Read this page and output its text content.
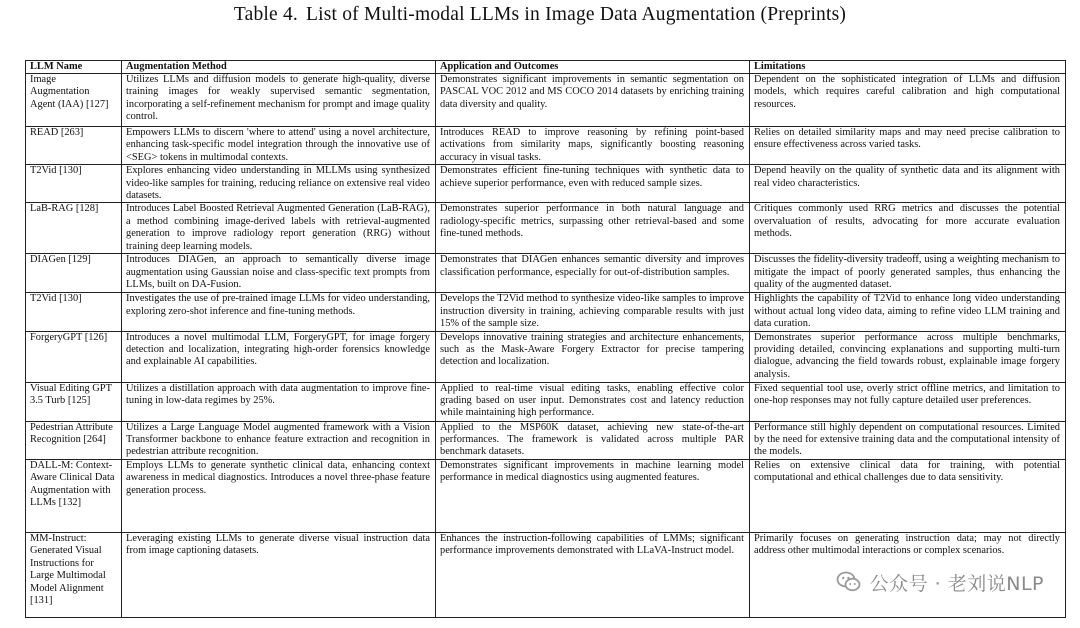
Table 4. List of Multi-modal LLMs in Image Data Augmentation (Preprints)
LLM Name	Augmentation Method	Application and Outcomes	Limitations
Image Augmentation Agent (IAA) [127]	Utilizes LLMs and diffusion models to generate high-quality, diverse training images for weakly supervised semantic segmentation, incorporating a self-refinement mechanism for prompt and image quality control.	Demonstrates significant improvements in semantic segmentation on PASCAL VOC 2012 and MS COCO 2014 datasets by enriching training data diversity and quality.	Dependent on the sophisticated integration of LLMs and diffusion models, which requires careful calibration and high computational resources.
READ [263]	Empowers LLMs to discern 'where to attend' using a novel architecture, enhancing task-specific model integration through the innovative use of <SEG> tokens in multimodal contexts.	Introduces READ to improve reasoning by refining point-based activations from similarity maps, significantly boosting reasoning accuracy in visual tasks.	Relies on detailed similarity maps and may need precise calibration to ensure effectiveness across varied tasks.
T2Vid [130]	Explores enhancing video understanding in MLLMs using synthesized video-like samples for training, reducing reliance on extensive real video datasets.	Demonstrates efficient fine-tuning techniques with synthetic data to achieve superior performance, even with reduced sample sizes.	Depend heavily on the quality of synthetic data and its alignment with real video characteristics.
LaB-RAG [128]	Introduces Label Boosted Retrieval Augmented Generation (LaB-RAG), a method combining image-derived labels with retrieval-augmented generation to improve radiology report generation (RRG) without training deep learning models.	Demonstrates superior performance in both natural language and radiology-specific metrics, surpassing other retrieval-based and some fine-tuned methods.	Critiques commonly used RRG metrics and discusses the potential overvaluation of results, advocating for more accurate evaluation methods.
DIAGen [129]	Introduces DIAGen, an approach to semantically diverse image augmentation using Gaussian noise and class-specific text prompts from LLMs, built on DA-Fusion.	Demonstrates that DIAGen enhances semantic diversity and improves classification performance, especially for out-of-distribution samples.	Discusses the fidelity-diversity tradeoff, using a weighting mechanism to mitigate the impact of poorly generated samples, thus enhancing the quality of the augmented dataset.
T2Vid [130]	Investigates the use of pre-trained image LLMs for video understanding, exploring zero-shot inference and fine-tuning methods.	Develops the T2Vid method to synthesize video-like samples to improve instruction diversity in training, achieving comparable results with just 15% of the sample size.	Highlights the capability of T2Vid to enhance long video understanding without actual long video data, aiming to refine video LLM training and data curation.
ForgeryGPT [126]	Introduces a novel multimodal LLM, ForgeryGPT, for image forgery detection and localization, integrating high-order forensics knowledge and explainable AI capabilities.	Develops innovative training strategies and architecture enhancements, such as the Mask-Aware Forgery Extractor for precise tampering detection and localization.	Demonstrates superior performance across multiple benchmarks, providing detailed, convincing explanations and supporting multi-turn dialogue, advancing the field towards robust, explainable image forgery analysis.
Visual Editing GPT 3.5 Turb [125]	Utilizes a distillation approach with data augmentation to improve fine-tuning in low-data regimes by 25%.	Applied to real-time visual editing tasks, enabling effective color grading based on user input. Demonstrates cost and latency reduction while maintaining high performance.	Fixed sequential tool use, overly strict offline metrics, and limitation to one-hop responses may not fully capture detailed user preferences.
Pedestrian Attribute Recognition [264]	Utilizes a Large Language Model augmented framework with a Vision Transformer backbone to enhance feature extraction and recognition in pedestrian attribute recognition.	Applied to the MSP60K dataset, achieving new state-of-the-art performances. The framework is validated across multiple PAR benchmark datasets.	Performance still highly dependent on computational resources. Limited by the need for extensive training data and the computational intensity of the models.
DALL-M: Context-Aware Clinical Data Augmentation with LLMs [132]	Employs LLMs to generate synthetic clinical data, enhancing context awareness in medical diagnostics. Introduces a novel three-phase feature generation process.	Demonstrates significant improvements in machine learning model performance in medical diagnostics using augmented features.	Relies on extensive clinical data for training, with potential computational and ethical challenges due to data sensitivity.
MM-Instruct: Generated Visual Instructions for Large Multimodal Model Alignment [131]	Leveraging existing LLMs to generate diverse visual instruction data from image captioning datasets.	Enhances the instruction-following capabilities of LMMs; significant performance improvements demonstrated with LLaVA-Instruct model.	Primarily focuses on generating instruction data; may not directly address other multimodal interactions or complex scenarios.
公众号 · 老刘说NLP
